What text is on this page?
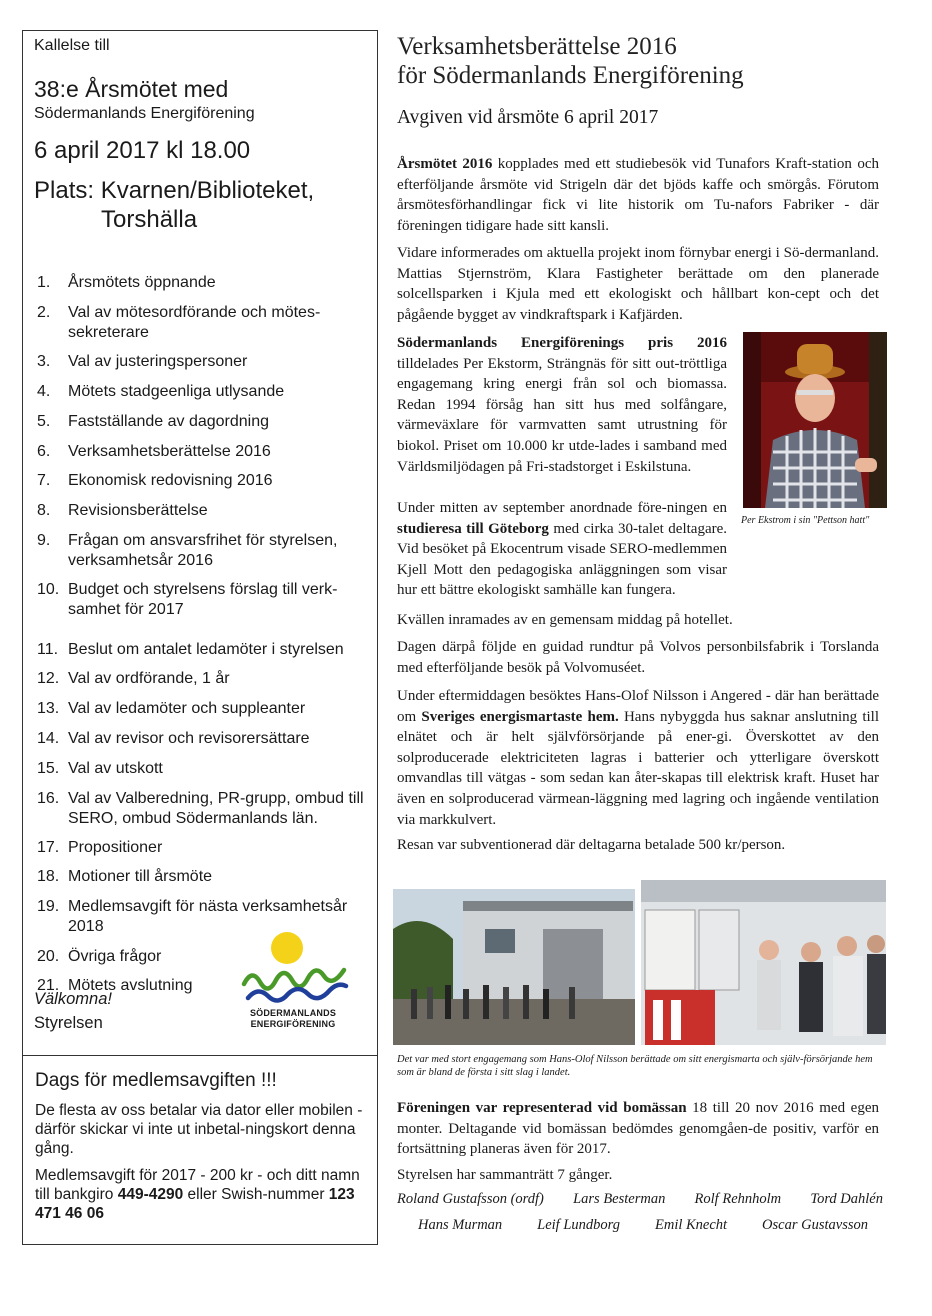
Kallelse till
38:e Årsmötet med
Södermanlands Energiförening
6 april 2017 kl 18.00
Plats: Kvarnen/Biblioteket,
Torshälla
1.	Årsmötets öppnande
2.	Val av mötesordförande och mötes-sekreterare
3.	Val av justeringspersoner
4.	Mötets stadgeenliga utlysande
5.	Fastställande av dagordning
6.	Verksamhetsberättelse 2016
7.	Ekonomisk redovisning 2016
8.	Revisionsberättelse
9.	Frågan om ansvarsfrihet för styrelsen, verksamhetsår 2016
10. Budget och styrelsens förslag till verk-samhet för 2017
11. Beslut om antalet ledamöter i styrelsen
12. Val av ordförande, 1 år
13. Val av ledamöter och suppleanter
14. Val av revisor och revisorersättare
15. Val av utskott
16. Val av Valberedning, PR-grupp, ombud till SERO, ombud Södermanlands län.
17. Propositioner
18. Motioner till årsmöte
19. Medlemsavgift för nästa verksamhetsår 2018
20. Övriga frågor
21. Mötets avslutning
Välkomna!
Styrelsen
SÖDERMANLANDS
ENERGIFÖRENING
Dags för medlemsavgiften !!!
De flesta av oss betalar via dator eller mobilen - därför skickar vi inte ut inbetal-ningskort denna gång.
Medlemsavgift för 2017 - 200 kr - och ditt namn till bankgiro 449-4290 eller Swish-nummer 123 471 46 06
Verksamhetsberättelse 2016
för Södermanlands Energiförening
Avgiven vid årsmöte 6 april 2017
Årsmötet 2016 kopplades med ett studiebesök vid Tunafors Kraft-station och efterföljande årsmöte vid Strigeln där det bjöds kaffe och smörgås. Förutom årsmötesförhandlingar fick vi lite historik om Tu-nafors Fabriker - där föreningen tidigare hade sitt kansli.
Vidare informerades om aktuella projekt inom förnybar energi i Sö-dermanland. Mattias Stjernström, Klara Fastigheter berättade om den planerade solcellsparken i Kjula med ett ekologiskt och hållbart kon-cept och det pågående bygget av vindkraftspark i Kafjärden.
Södermanlands Energiförenings pris 2016 tilldelades Per Ekstorm, Strängnäs för sitt out-tröttliga engagemang kring energi från sol och biomassa. Redan 1994 försåg han sitt hus med solfångare, värmeväxlare för varmvatten samt utrustning för biokol. Priset om 10.000 kr utde-lades i samband med Världsmiljödagen på Fri-stadstorget i Eskilstuna.
Per Ekstrom i sin "Pettson hatt"
Under mitten av september anordnade före-ningen en studieresa till Göteborg med cirka 30-talet deltagare. Vid besöket på Ekocentrum visade SERO-medlemmen Kjell Mott den pedagogiska anläggningen som visar hur ett bättre ekologiskt samhälle kan fungera.
Kvällen inramades av en gemensam middag på hotellet.
Dagen därpå följde en guidad rundtur på Volvos personbilsfabrik i Torslanda med efterföljande besök på Volvomuséet.
Under eftermiddagen besöktes Hans-Olof Nilsson i Angered - där han berättade om Sveriges energismartaste hem. Hans nybyggda hus saknar anslutning till elnätet och är helt självförsörjande på ener-gi. Överskottet av den solproducerade elektriciteten lagras i batterier och ytterligare överskott omvandlas till vätgas - som sedan kan åter-skapas till elektrisk kraft. Huset har även en solproducerad värmean-läggning med lagring och ingående ventilation via markkulvert.
Resan var subventionerad där deltagarna betalade 500 kr/person.
Det var med stort engagemang som Hans-Olof Nilsson berättade om sitt energismarta och själv-försörjande hem som är bland de första i sitt slag i landet.
Föreningen var representerad vid bomässan 18 till 20 nov 2016 med egen monter. Deltagande vid bomässan bedömdes genomgåen-de positiv, varför en fortsättning planeras även för 2017.
Styrelsen har sammanträtt 7 gånger.
Roland Gustafsson (ordf) Lars Besterman Rolf Rehnholm Tord Dahlén
Hans Murman Leif Lundborg Emil Knecht Oscar Gustavsson
